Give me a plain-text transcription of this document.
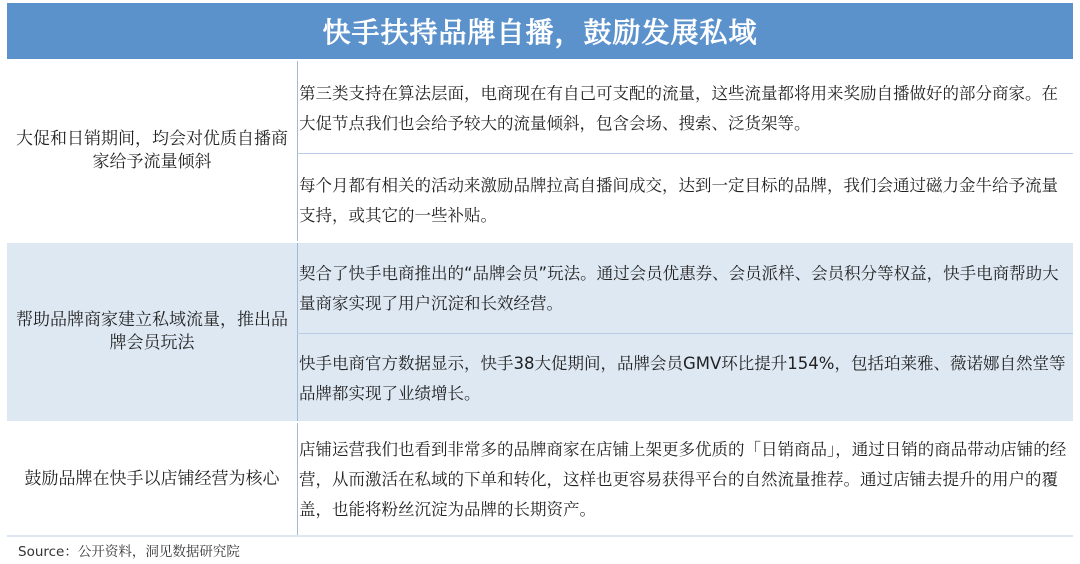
快手扶持品牌自播，鼓励发展私域
大促和日销期间，均会对优质自播商家给予流量倾斜
第三类支持在算法层面，电商现在有自己可支配的流量，这些流量都将用来奖励自播做好的部分商家。在大促节点我们也会给予较大的流量倾斜，包含会场、搜索、泛货架等。
每个月都有相关的活动来激励品牌拉高自播间成交，达到一定目标的品牌，我们会通过磁力金牛给予流量支持，或其它的一些补贴。
帮助品牌商家建立私域流量，推出品牌会员玩法
契合了快手电商推出的“品牌会员”玩法。通过会员优惠券、会员派样、会员积分等权益，快手电商帮助大量商家实现了用户沉淀和长效经营。
快手电商官方数据显示，快手38大促期间，品牌会员GMV环比提升154%，包括珀莱雅、薇诺娜自然堂等品牌都实现了业绩增长。
鼓励品牌在快手以店铺经营为核心
店铺运营我们也看到非常多的品牌商家在店铺上架更多优质的「日销商品」，通过日销的商品带动店铺的经营，从而激活在私域的下单和转化，这样也更容易获得平台的自然流量推荐。通过店铺去提升的用户的覆盖，也能将粉丝沉淀为品牌的长期资产。
Source：公开资料，洞见数据研究院
